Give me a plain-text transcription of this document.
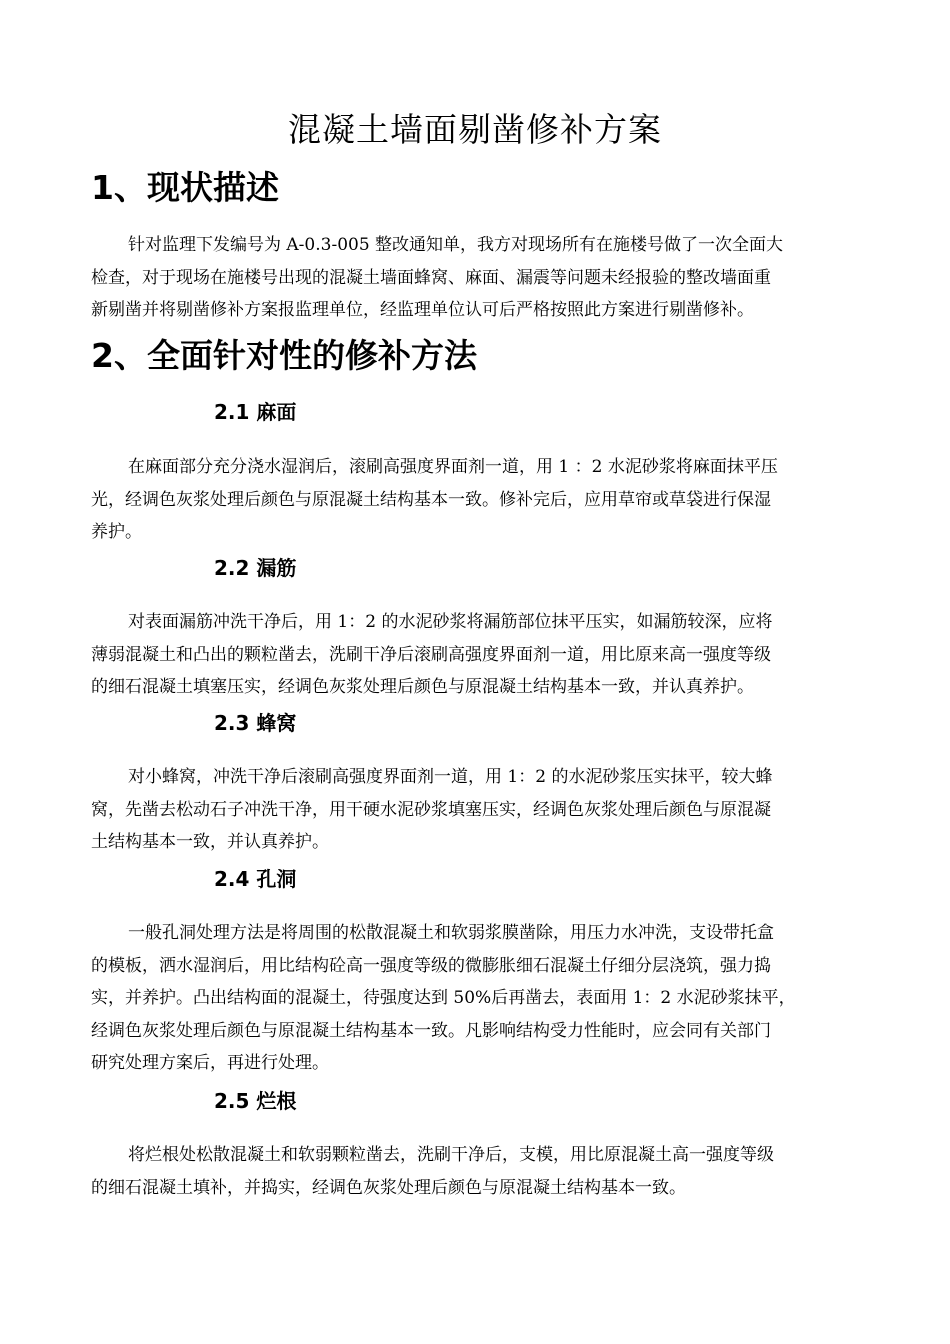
混凝土墙面剔凿修补方案
1、现状描述
针对监理下发编号为 A-0.3-005 整改通知单，我方对现场所有在施楼号做了一次全面大
检查，对于现场在施楼号出现的混凝土墙面蜂窝、麻面、漏震等问题未经报验的整改墙面重
新剔凿并将剔凿修补方案报监理单位，经监理单位认可后严格按照此方案进行剔凿修补。
2、全面针对性的修补方法
2.1 麻面
在麻面部分充分浇水湿润后，滚刷高强度界面剂一道，用 1 ：2 水泥砂浆将麻面抹平压
光，经调色灰浆处理后颜色与原混凝土结构基本一致。修补完后，应用草帘或草袋进行保湿
养护。
2.2 漏筋
对表面漏筋冲洗干净后，用 1：2 的水泥砂浆将漏筋部位抹平压实，如漏筋较深，应将
薄弱混凝土和凸出的颗粒凿去，洗刷干净后滚刷高强度界面剂一道，用比原来高一强度等级
的细石混凝土填塞压实，经调色灰浆处理后颜色与原混凝土结构基本一致，并认真养护。
2.3 蜂窝
对小蜂窝，冲洗干净后滚刷高强度界面剂一道，用 1：2 的水泥砂浆压实抹平，较大蜂
窝，先凿去松动石子冲洗干净，用干硬水泥砂浆填塞压实，经调色灰浆处理后颜色与原混凝
土结构基本一致，并认真养护。
2.4 孔洞
一般孔洞处理方法是将周围的松散混凝土和软弱浆膜凿除，用压力水冲洗，支设带托盒
的模板，洒水湿润后，用比结构砼高一强度等级的微膨胀细石混凝土仔细分层浇筑，强力捣
实，并养护。凸出结构面的混凝土，待强度达到 50%后再凿去，表面用 1：2 水泥砂浆抹平，
经调色灰浆处理后颜色与原混凝土结构基本一致。凡影响结构受力性能时，应会同有关部门
研究处理方案后，再进行处理。
2.5 烂根
将烂根处松散混凝土和软弱颗粒凿去，洗刷干净后，支模，用比原混凝土高一强度等级
的细石混凝土填补，并捣实，经调色灰浆处理后颜色与原混凝土结构基本一致。
